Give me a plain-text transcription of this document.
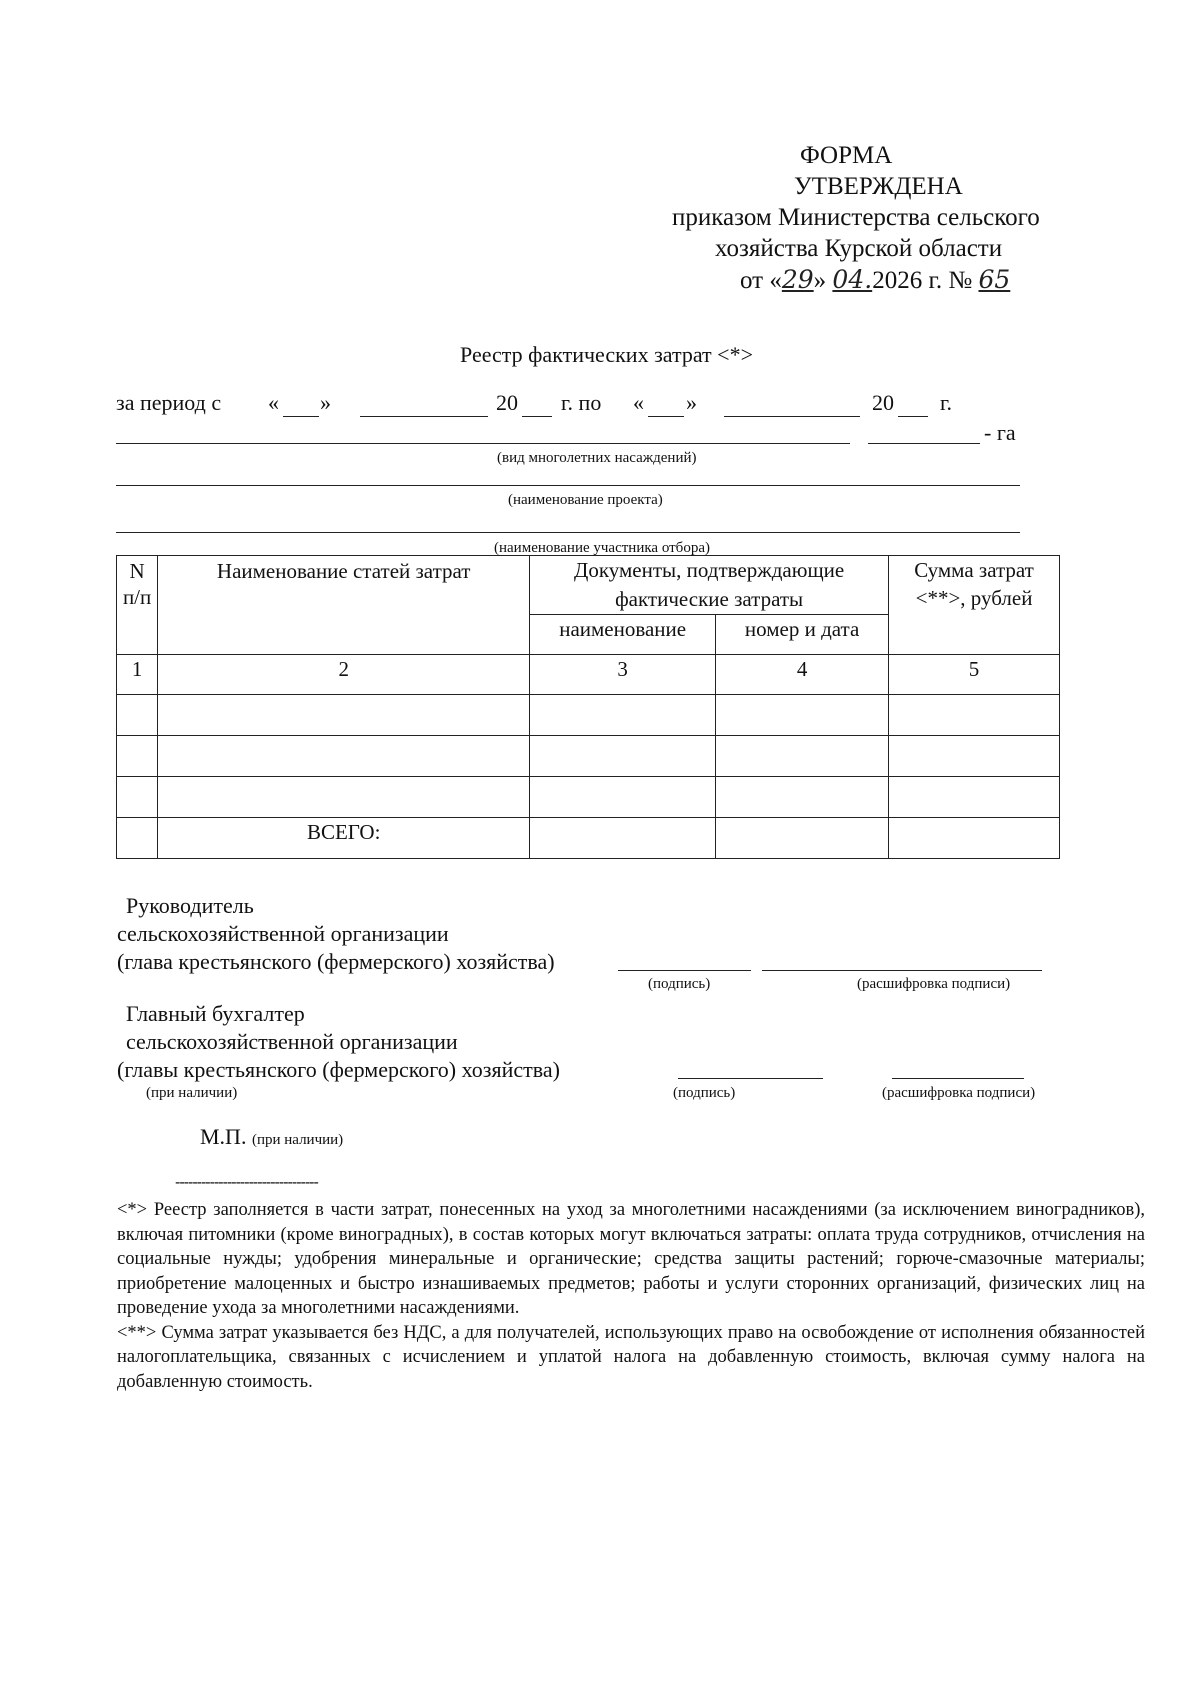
ФОРМА
УТВЕРЖДЕНА
приказом Министерства сельского
хозяйства Курской области
от «29» 04.2026 г. № 65
Реестр фактических затрат <*>
за период с « »	20 г. по « »	20 г.
- га
(вид многолетних насаждений)
(наименование проекта)
(наименование участника отбора)
N п/п	Наименование статей затрат	Документы, подтверждающие фактические затраты		Сумма затрат <**>, рублей
		наименование	номер и дата	
1	2	3	4	5

	ВСЕГО:			
Руководитель
сельскохозяйственной организации
(глава крестьянского (фермерского) хозяйства)
(подпись)	(расшифровка подписи)
Главный бухгалтер
сельскохозяйственной организации
(главы крестьянского (фермерского) хозяйства)
(при наличии)	(подпись)	(расшифровка подписи)
М.П. (при наличии)
---------------------------------

<*> Реестр заполняется в части затрат, понесенных на уход за многолетними насаждениями (за исключением виноградников), включая питомники (кроме виноградных), в состав которых могут включаться затраты: оплата труда сотрудников, отчисления на социальные нужды; удобрения минеральные и органические; средства защиты растений; горюче-смазочные материалы; приобретение малоценных и быстро изнашиваемых предметов; работы и услуги сторонних организаций, физических лиц на проведение ухода за многолетними насаждениями.

<**> Сумма затрат указывается без НДС, а для получателей, использующих право на освобождение от исполнения обязанностей налогоплательщика, связанных с исчислением и уплатой налога на добавленную стоимость, включая сумму налога на добавленную стоимость.
